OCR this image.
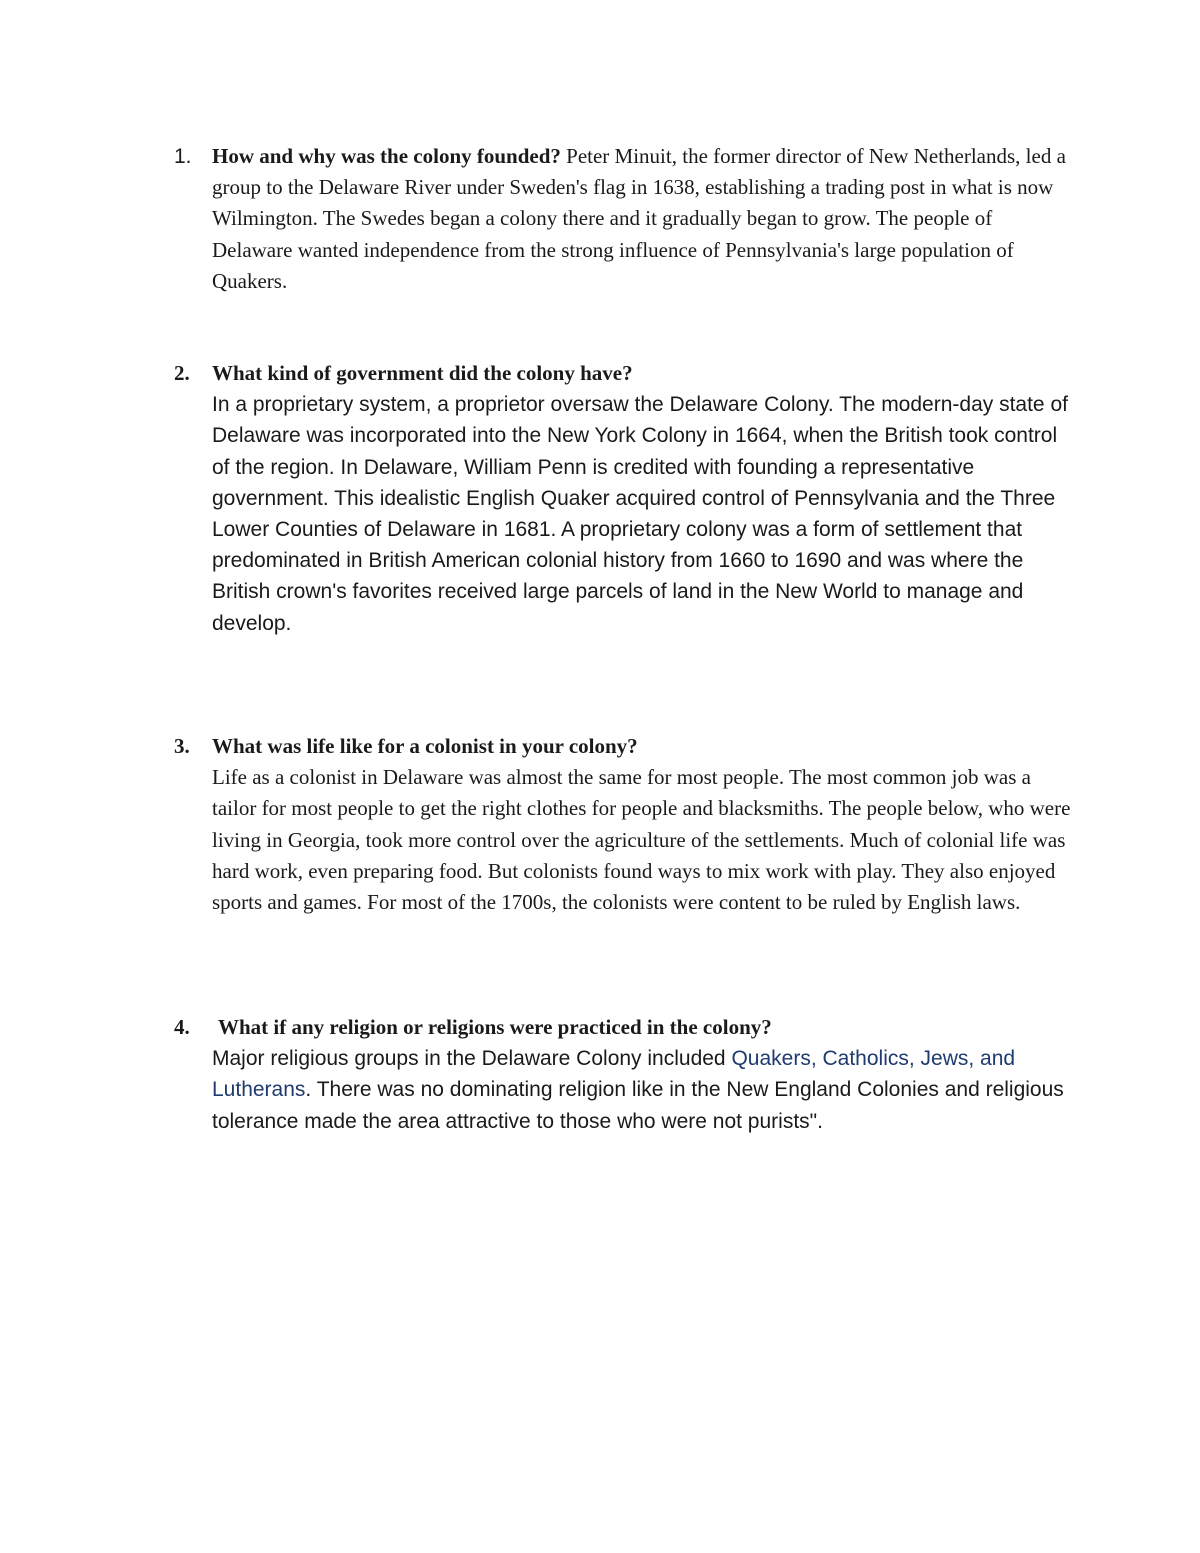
1. How and why was the colony founded? Peter Minuit, the former director of New Netherlands, led a group to the Delaware River under Sweden's flag in 1638, establishing a trading post in what is now Wilmington. The Swedes began a colony there and it gradually began to grow. The people of Delaware wanted independence from the strong influence of Pennsylvania's large population of Quakers.
2.	What kind of government did the colony have?
In a proprietary system, a proprietor oversaw the Delaware Colony. The modern-day state of Delaware was incorporated into the New York Colony in 1664, when the British took control of the region. In Delaware, William Penn is credited with founding a representative government. This idealistic English Quaker acquired control of Pennsylvania and the Three Lower Counties of Delaware in 1681. A proprietary colony was a form of settlement that predominated in British American colonial history from 1660 to 1690 and was where the British crown's favorites received large parcels of land in the New World to manage and develop.
3.	What was life like for a colonist in your colony?
Life as a colonist in Delaware was almost the same for most people. The most common job was a tailor for most people to get the right clothes for people and blacksmiths. The people below, who were living in Georgia, took more control over the agriculture of the settlements. Much of colonial life was hard work, even preparing food. But colonists found ways to mix work with play. They also enjoyed sports and games. For most of the 1700s, the colonists were content to be ruled by English laws.
4.	What if any religion or religions were practiced in the colony?
Major religious groups in the Delaware Colony included Quakers, Catholics, Jews, and Lutherans. There was no dominating religion like in the New England Colonies and religious tolerance made the area attractive to those who were not purists".
